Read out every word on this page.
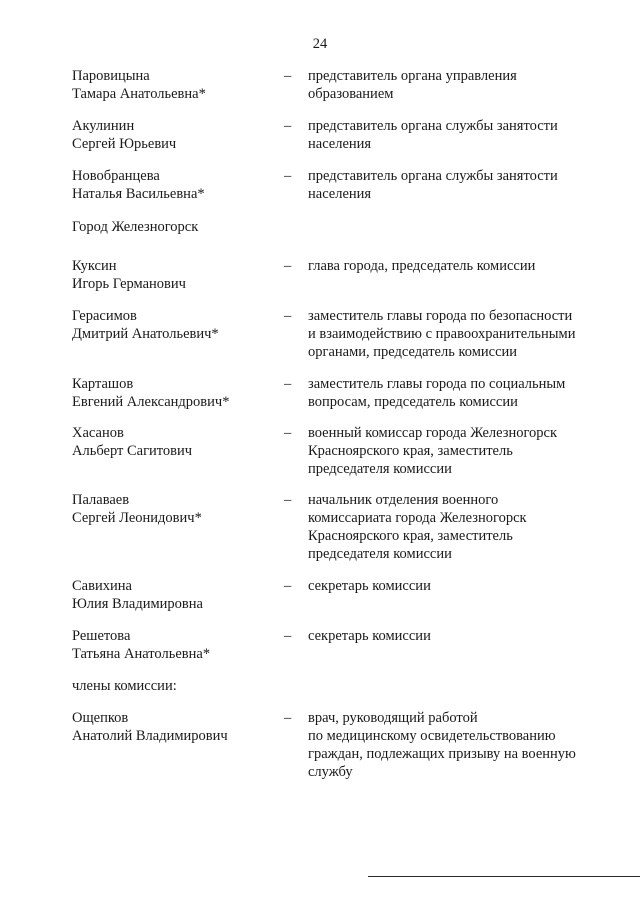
24
Паровицына
Тамара Анатольевна*
– представитель органа управления
образованием
Акулинин
Сергей Юрьевич
– представитель органа службы занятости
населения
Новобранцева
Наталья Васильевна*
– представитель органа службы занятости
населения
Город Железногорск
Куксин
Игорь Германович
– глава города, председатель комиссии
Герасимов
Дмитрий Анатольевич*
– заместитель главы города по безопасности
и взаимодействию с правоохранительными
органами, председатель комиссии
Карташов
Евгений Александрович*
– заместитель главы города по социальным
вопросам, председатель комиссии
Хасанов
Альберт Сагитович
– военный комиссар города Железногорск
Красноярского края, заместитель
председателя комиссии
Палаваев
Сергей Леонидович*
– начальник отделения военного
комиссариата города Железногорск
Красноярского края, заместитель
председателя комиссии
Савихина
Юлия Владимировна
– секретарь комиссии
Решетова
Татьяна Анатольевна*
– секретарь комиссии
члены комиссии:
Ощепков
Анатолий Владимирович
– врач, руководящий работой
по медицинскому освидетельствованию
граждан, подлежащих призыву на военную
службу
